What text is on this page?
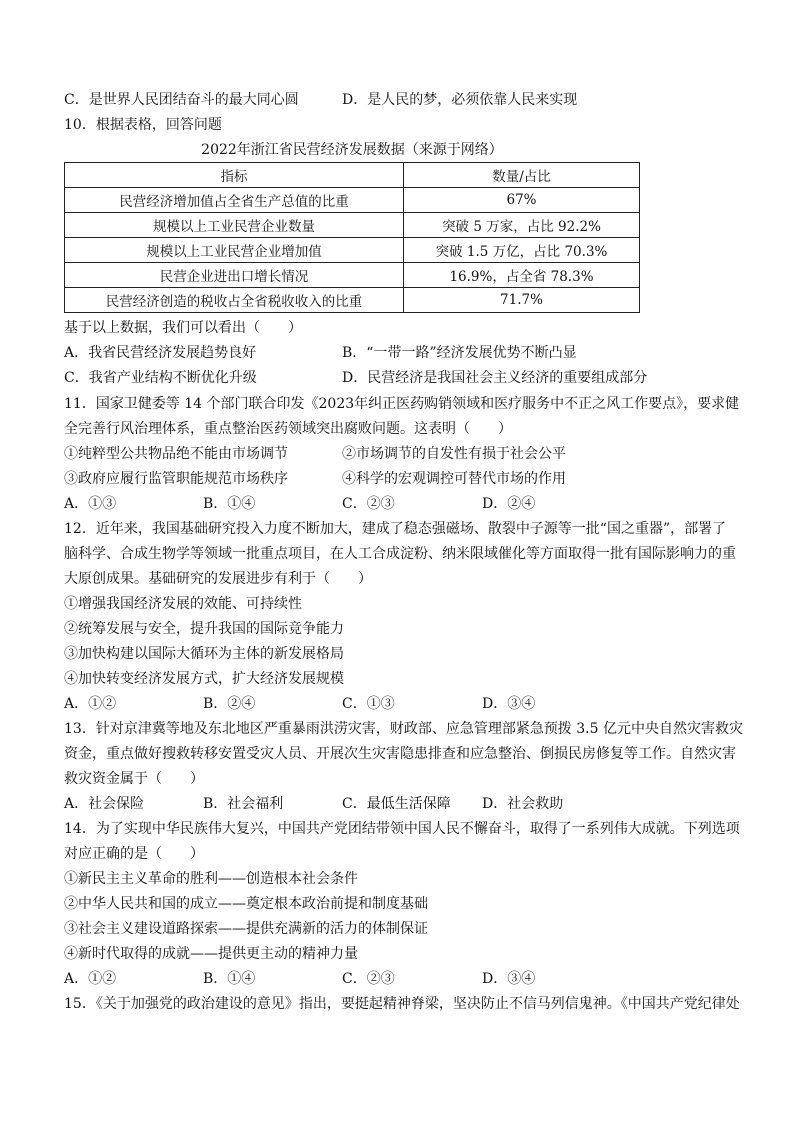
C．是世界人民团结奋斗的最大同心圆	D．是人民的梦，必须依靠人民来实现
10．根据表格，回答问题
2022年浙江省民营经济发展数据（来源于网络）
指标	数量/占比
民营经济增加值占全省生产总值的比重	67%
规模以上工业民营企业数量	突破 5 万家，占比 92.2%
规模以上工业民营企业增加值	突破 1.5 万亿，占比 70.3%
民营企业进出口增长情况	16.9%，占全省 78.3%
民营经济创造的税收占全省税收收入的比重	71.7%
基于以上数据，我们可以看出（　　）
A．我省民营经济发展趋势良好	B．“一带一路”经济发展优势不断凸显
C．我省产业结构不断优化升级	D．民营经济是我国社会主义经济的重要组成部分
11．国家卫健委等 14 个部门联合印发《2023年纠正医药购销领域和医疗服务中不正之风工作要点》，要求健
全完善行风治理体系，重点整治医药领域突出腐败问题。这表明（　　）
①纯粹型公共物品绝不能由市场调节	②市场调节的自发性有损于社会公平
③政府应履行监管职能规范市场秩序	④科学的宏观调控可替代市场的作用
A．①③	B．①④	C．②③	D．②④
12．近年来，我国基础研究投入力度不断加大，建成了稳态强磁场、散裂中子源等一批“国之重器”，部署了
脑科学、合成生物学等领域一批重点项目，在人工合成淀粉、纳米限域催化等方面取得一批有国际影响力的重
大原创成果。基础研究的发展进步有利于（　　）
①增强我国经济发展的效能、可持续性
②统筹发展与安全，提升我国的国际竞争能力
③加快构建以国际大循环为主体的新发展格局
④加快转变经济发展方式，扩大经济发展规模
A．①②	B．②④	C．①③	D．③④
13．针对京津冀等地及东北地区严重暴雨洪涝灾害，财政部、应急管理部紧急预拨 3.5 亿元中央自然灾害救灾
资金，重点做好搜救转移安置受灾人员、开展次生灾害隐患排查和应急整治、倒损民房修复等工作。自然灾害
救灾资金属于（　　）
A．社会保险	B．社会福利	C．最低生活保障 D．社会救助
14．为了实现中华民族伟大复兴，中国共产党团结带领中国人民不懈奋斗，取得了一系列伟大成就。下列选项
对应正确的是（　　）
①新民主主义革命的胜利——创造根本社会条件
②中华人民共和国的成立——奠定根本政治前提和制度基础
③社会主义建设道路探索——提供充满新的活力的体制保证
④新时代取得的成就——提供更主动的精神力量
A．①②	B．①④	C．②③	D．③④
15．《关于加强党的政治建设的意见》指出，要挺起精神脊梁，坚决防止不信马列信鬼神。《中国共产党纪律处
